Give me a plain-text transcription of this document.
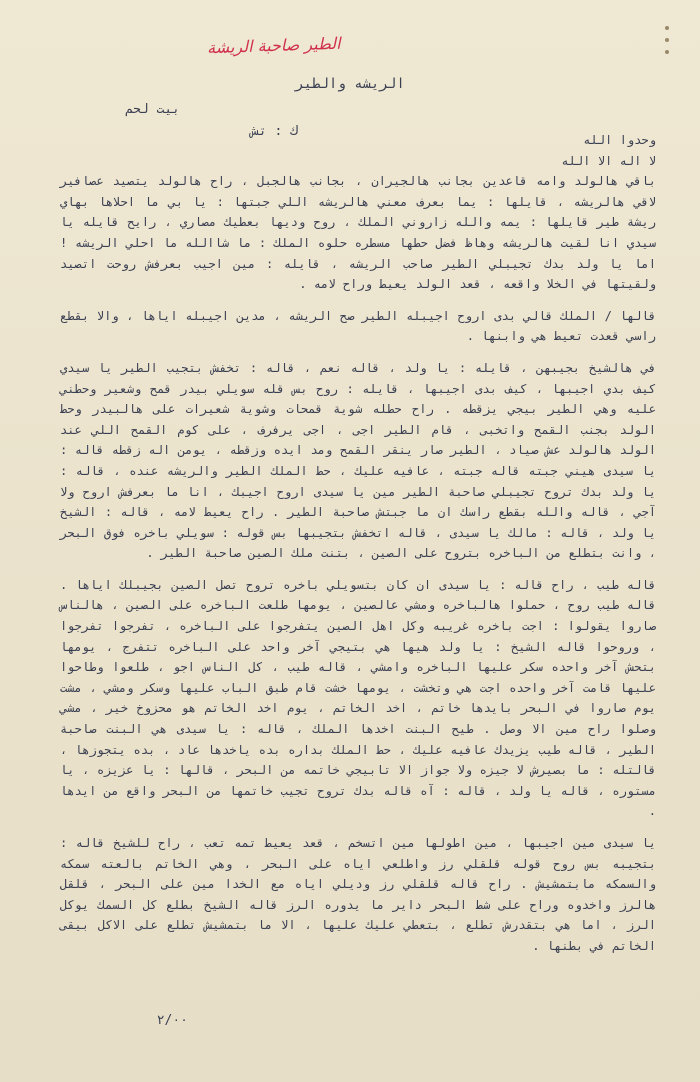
الطير صاحبة الريشة
الريشه والطير
بيت لحم
ك : تش

وحدوا الله
لا اله الا الله
باقي هالولد وامه قاعدين بجانب هالجيران ، بجانب هالجبل ، راح هالولد يتصيد عصافير لاقي هالريشه ، قايلها : يما بعرف معني هالريشه اللي جبتها : يا بي ما احلاها بهاي ريشة طير قايلها : يمه والله زاروني الملك ، روح وديها بعطيك مصاري ، رايح قايله يا سيدي انا لقيت هالريشه وهاظ فضل حطها مسطره حلوه الملك : ما شاالله ما احلي الريشه ! اما يا ولد بدك تجيبلي الطير صاحب الريشه ، قايله : مين اجيب بعرفش روحت اتصيد ولقيتها في الخلا واقعه ، قعد الولد يعيط وراح لامه .

قالها / الملك قالي بدى اروح اجيبله الطير صح الريشه ، مدين اجيبله اياها ، والا بقطع راسي قعدت تعيط هي وابنها .

في هالشيخ بجيبهن ، قايله : يا ولد ، قاله نعم ، قاله : تخفش بتجيب الطير يا سيدي كيف بدي اجيبها ، كيف بدى اجيبها ، قايله : روح بس قله سويلي بيدر قمح وشعير وحطني عليه وهي الطير بيجي يزقطه . راح حطله شوية قمحات وشوية شعيرات على هالبيدر وحط الولد بجنب القمح واتخبى ، قام الطير اجى ، اجى يرفرف ، على كوم القمح اللي عند الولد هالولد عش صياد ، الطير صار ينقر القمح ومد ايده وزقطه ، يومن اله زقطه قاله : يا سيدى هيني جبته قاله جبته ، عافيه عليك ، حط الملك الطير والريشه عنده ، قاله : يا ولد بدك تروح تجيبلي صاحبة الطير مين يا سيدى اروح اجيبك ، انا ما بعرفش اروح ولا آجي ، قاله والله بقطع راسك ان ما جبتش صاحبة الطير . راح يعيط لامه ، قاله : الشيخ يا ولد ، قاله : مالك يا سيدى ، قاله اتخفش بتجيبها بس قوله : سويلي باخره فوق البحر ، وانت بتطلع من الباخره بتروح على الصين ، بتنت ملك الصين صاحبة الطير .

قاله طيب ، راح قاله : يا سيدى ان كان بتسويلي باخره تروح تصل الصين بجيبلك اياها . قاله طيب روح ، حملوا هالباخره ومشي عالصين ، يومها طلعت الباخره على الصين ، هالناس صاروا يقولوا : اجت باخره غريبه وكل اهل الصين يتفرجوا على الباخره ، تفرجوا تفرجوا ، وروحوا قاله الشيخ : يا ولد هيها هي بتيجي آخر واحد على الباخره تتفرج ، يومها بتحش آخر واحده سكر عليها الباخره وامشي ، قاله طيب ، كل الناس اجو ، طلعوا وطاحوا عليها قامت آخر واحده اجت هي وتخشت ، يومها خشت قام طبق الباب عليها وسكر ومشي ، مشت يوم صاروا في البحر بايدها خاتم ، اخد الخاتم ، يوم اخد الخاتم هو محزوخ خير ، مشي وصلوا راح مين الا وصل . طيح البنت اخدها الملك ، قاله : يا سيدى هي البنت صاحبة الطير ، قاله طيب يزيدك عافيه عليك ، حط الملك بداره بده ياخدها عاد ، بده يتجوزها ، قالتله : ما بصيرش لا جيزه ولا جواز الا تابيجي خاتمه من البحر ، قالها : يا عزيزه ، يا مستوره ، قاله يا ولد ، قاله : آه قاله بدك تروح تجيب خاتمها من البحر واقع من ايدها .

يا سيدى مين اجيبها ، مين اطولها مين اتسخم ، قعد يعيط تمه تعب ، راح للشيخ قاله : بتجيبه بس روح قوله قلقلي رز واطلعي اياه على البحر ، وهي الخاتم بالعته سمكه والسمكه مابتمشيش . راح قاله قلقلي رز وديلي اياه مع الخدا مين على البحر ، قلقل هالرز واخدوه وراح على شط البحر داير ما يدوره الرز قاله الشيخ بطلع كل السمك يوكل الرز ، اما هي بتقدرش تطلع ، بتعطي عليك عليها ، الا ما بتمشيش تطلع على الاكل بيقى الخاتم في بطنها .

٢/٠٠
